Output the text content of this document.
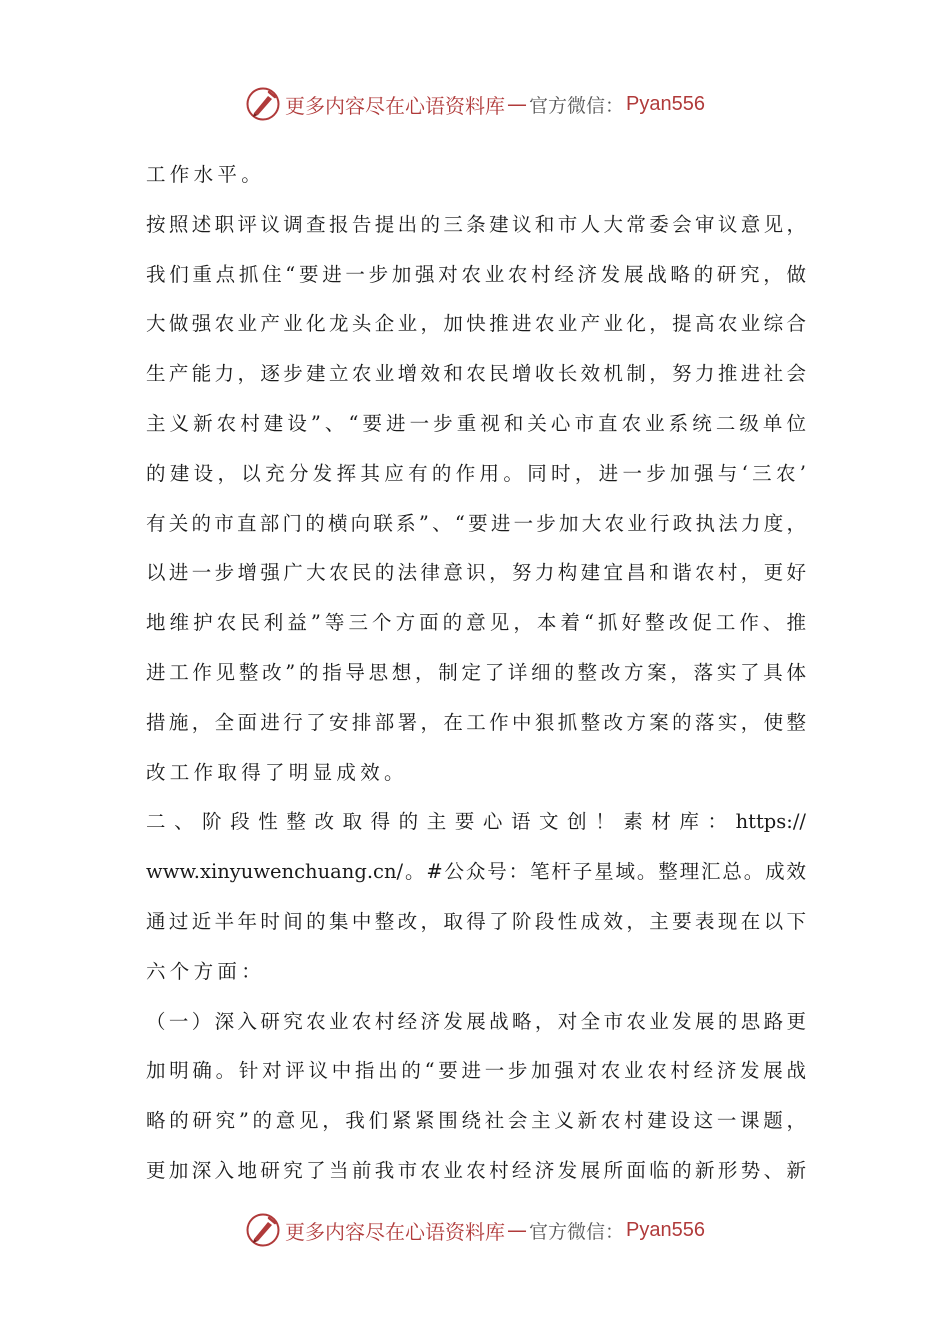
更多内容尽在心语资料库 — 官方微信： Pyan556
工作水平。
按照述职评议调查报告提出的三条建议和市人大常委会审议意见，
我们重点抓住“要进一步加强对农业农村经济发展战略的研究，做
大做强农业产业化龙头企业，加快推进农业产业化，提高农业综合
生产能力，逐步建立农业增效和农民增收长效机制，努力推进社会
主义新农村建设”、“要进一步重视和关心市直农业系统二级单位
的建设，以充分发挥其应有的作用。同时，进一步加强与‘三农’
有关的市直部门的横向联系”、“要进一步加大农业行政执法力度，
以进一步增强广大农民的法律意识，努力构建宜昌和谐农村，更好
地维护农民利益”等三个方面的意见，本着“抓好整改促工作、推
进工作见整改”的指导思想，制定了详细的整改方案，落实了具体
措施，全面进行了安排部署，在工作中狠抓整改方案的落实，使整
改工作取得了明显成效。
二、阶段性整改取得的主要心语文创！素材库：https://
www.xinyuwenchuang.cn/。#公众号：笔杆子星域。整理汇总。成效
通过近半年时间的集中整改，取得了阶段性成效，主要表现在以下
六个方面：
（一）深入研究农业农村经济发展战略，对全市农业发展的思路更
加明确。针对评议中指出的“要进一步加强对农业农村经济发展战
略的研究”的意见，我们紧紧围绕社会主义新农村建设这一课题，
更加深入地研究了当前我市农业农村经济发展所面临的新形势、新
更多内容尽在心语资料库 — 官方微信： Pyan556
